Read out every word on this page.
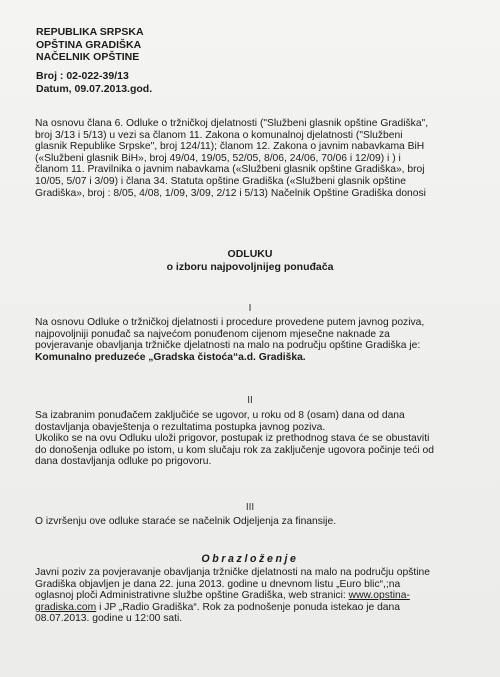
REPUBLIKA SRPSKA
OPŠTINA GRADIŠKA
NAČELNIK OPŠTINE
Broj : 02-022-39/13
Datum, 09.07.2013.god.
Na osnovu člana 6. Odluke o tržničkoj djelatnosti ("Službeni glasnik opštine Gradiška",
broj 3/13 i 5/13) u vezi sa članom 11. Zakona o komunalnoj djelatnosti ("Službeni
glasnik Republike Srpske", broj 124/11); članom 12. Zakona o javnim nabavkama BiH
(«Službeni glasnik BiH», broj 49/04, 19/05, 52/05, 8/06, 24/06, 70/06 i 12/09) i ) i
članom 11. Pravilnika o javnim nabavkama («Službeni glasnik opštine Gradiška», broj
10/05, 5/07 i 3/09) i člana 34. Statuta opštine Gradiška («Službeni glasnik opštine
Gradiška», broj : 8/05, 4/08, 1/09, 3/09, 2/12 i 5/13) Načelnik Opštine Gradiška donosi
ODLUKU
o izboru najpovoljnijeg ponuđača
I
Na osnovu Odluke o tržničkoj djelatnosti i procedure provedene putem javnog poziva,
najpovoljniji ponuđač sa najvećom ponuđenom cijenom mjesečne naknade za
povjeravanje obavljanja tržničke djelatnosti na malo na području opštine Gradiška je:
Komunalno preduzeće „Gradska čistoća“a.d. Gradiška.
II
Sa izabranim ponuđačem zaključiće se ugovor, u roku od 8 (osam) dana od dana
dostavljanja obavještenja o rezultatima postupka javnog poziva.
Ukoliko se na ovu Odluku uloži prigovor, postupak iz prethodnog stava će se obustaviti
do donošenja odluke po istom, u kom slučaju rok za zaključenje ugovora počinje teći od
dana dostavljanja odluke po prigovoru.
III
O izvršenju ove odluke staraće se načelnik Odjeljenja za finansije.
Obrazloženje
Javni poziv za povjeravanje obavljanja tržničke djelatnosti na malo na području opštine
Gradiška objavljen je dana 22. juna 2013. godine u dnevnom listu „Euro blic“,;na
oglasnoj ploči Administrativne službe opštine Gradiška, web stranici: www.opstina-
gradiska.com i JP „Radio Gradiška“. Rok za podnošenje ponuda istekao je dana
08.07.2013. godine u 12:00 sati.
